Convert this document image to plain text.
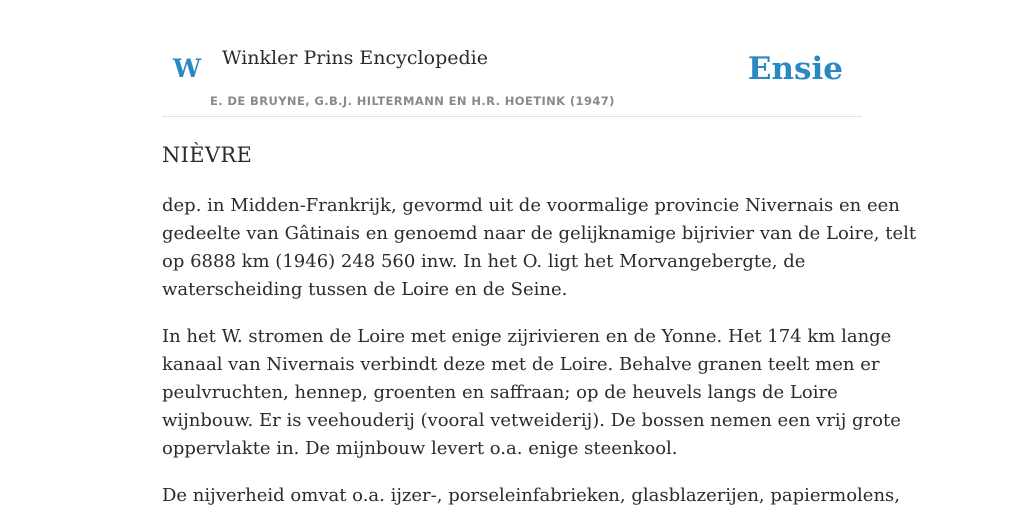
W Winkler Prins Encyclopedie
E. DE BRUYNE, G.B.J. HILTERMANN EN H.R. HOETINK (1947)
Ensie
NIÈVRE

dep. in Midden-Frankrijk, gevormd uit de voormalige provincie Nivernais en een
gedeelte van Gâtinais en genoemd naar de gelijknamige bijrivier van de Loire, telt
op 6888 km (1946) 248 560 inw. In het O. ligt het Morvangebergte, de
waterscheiding tussen de Loire en de Seine.

In het W. stromen de Loire met enige zijrivieren en de Yonne. Het 174 km lange
kanaal van Nivernais verbindt deze met de Loire. Behalve granen teelt men er
peulvruchten, hennep, groenten en saffraan; op de heuvels langs de Loire
wijnbouw. Er is veehouderij (vooral vetweiderij). De bossen nemen een vrij grote
oppervlakte in. De mijnbouw levert o.a. enige steenkool.

De nijverheid omvat o.a. ijzer-, porseleinfabrieken, glasblazerijen, papiermolens,
